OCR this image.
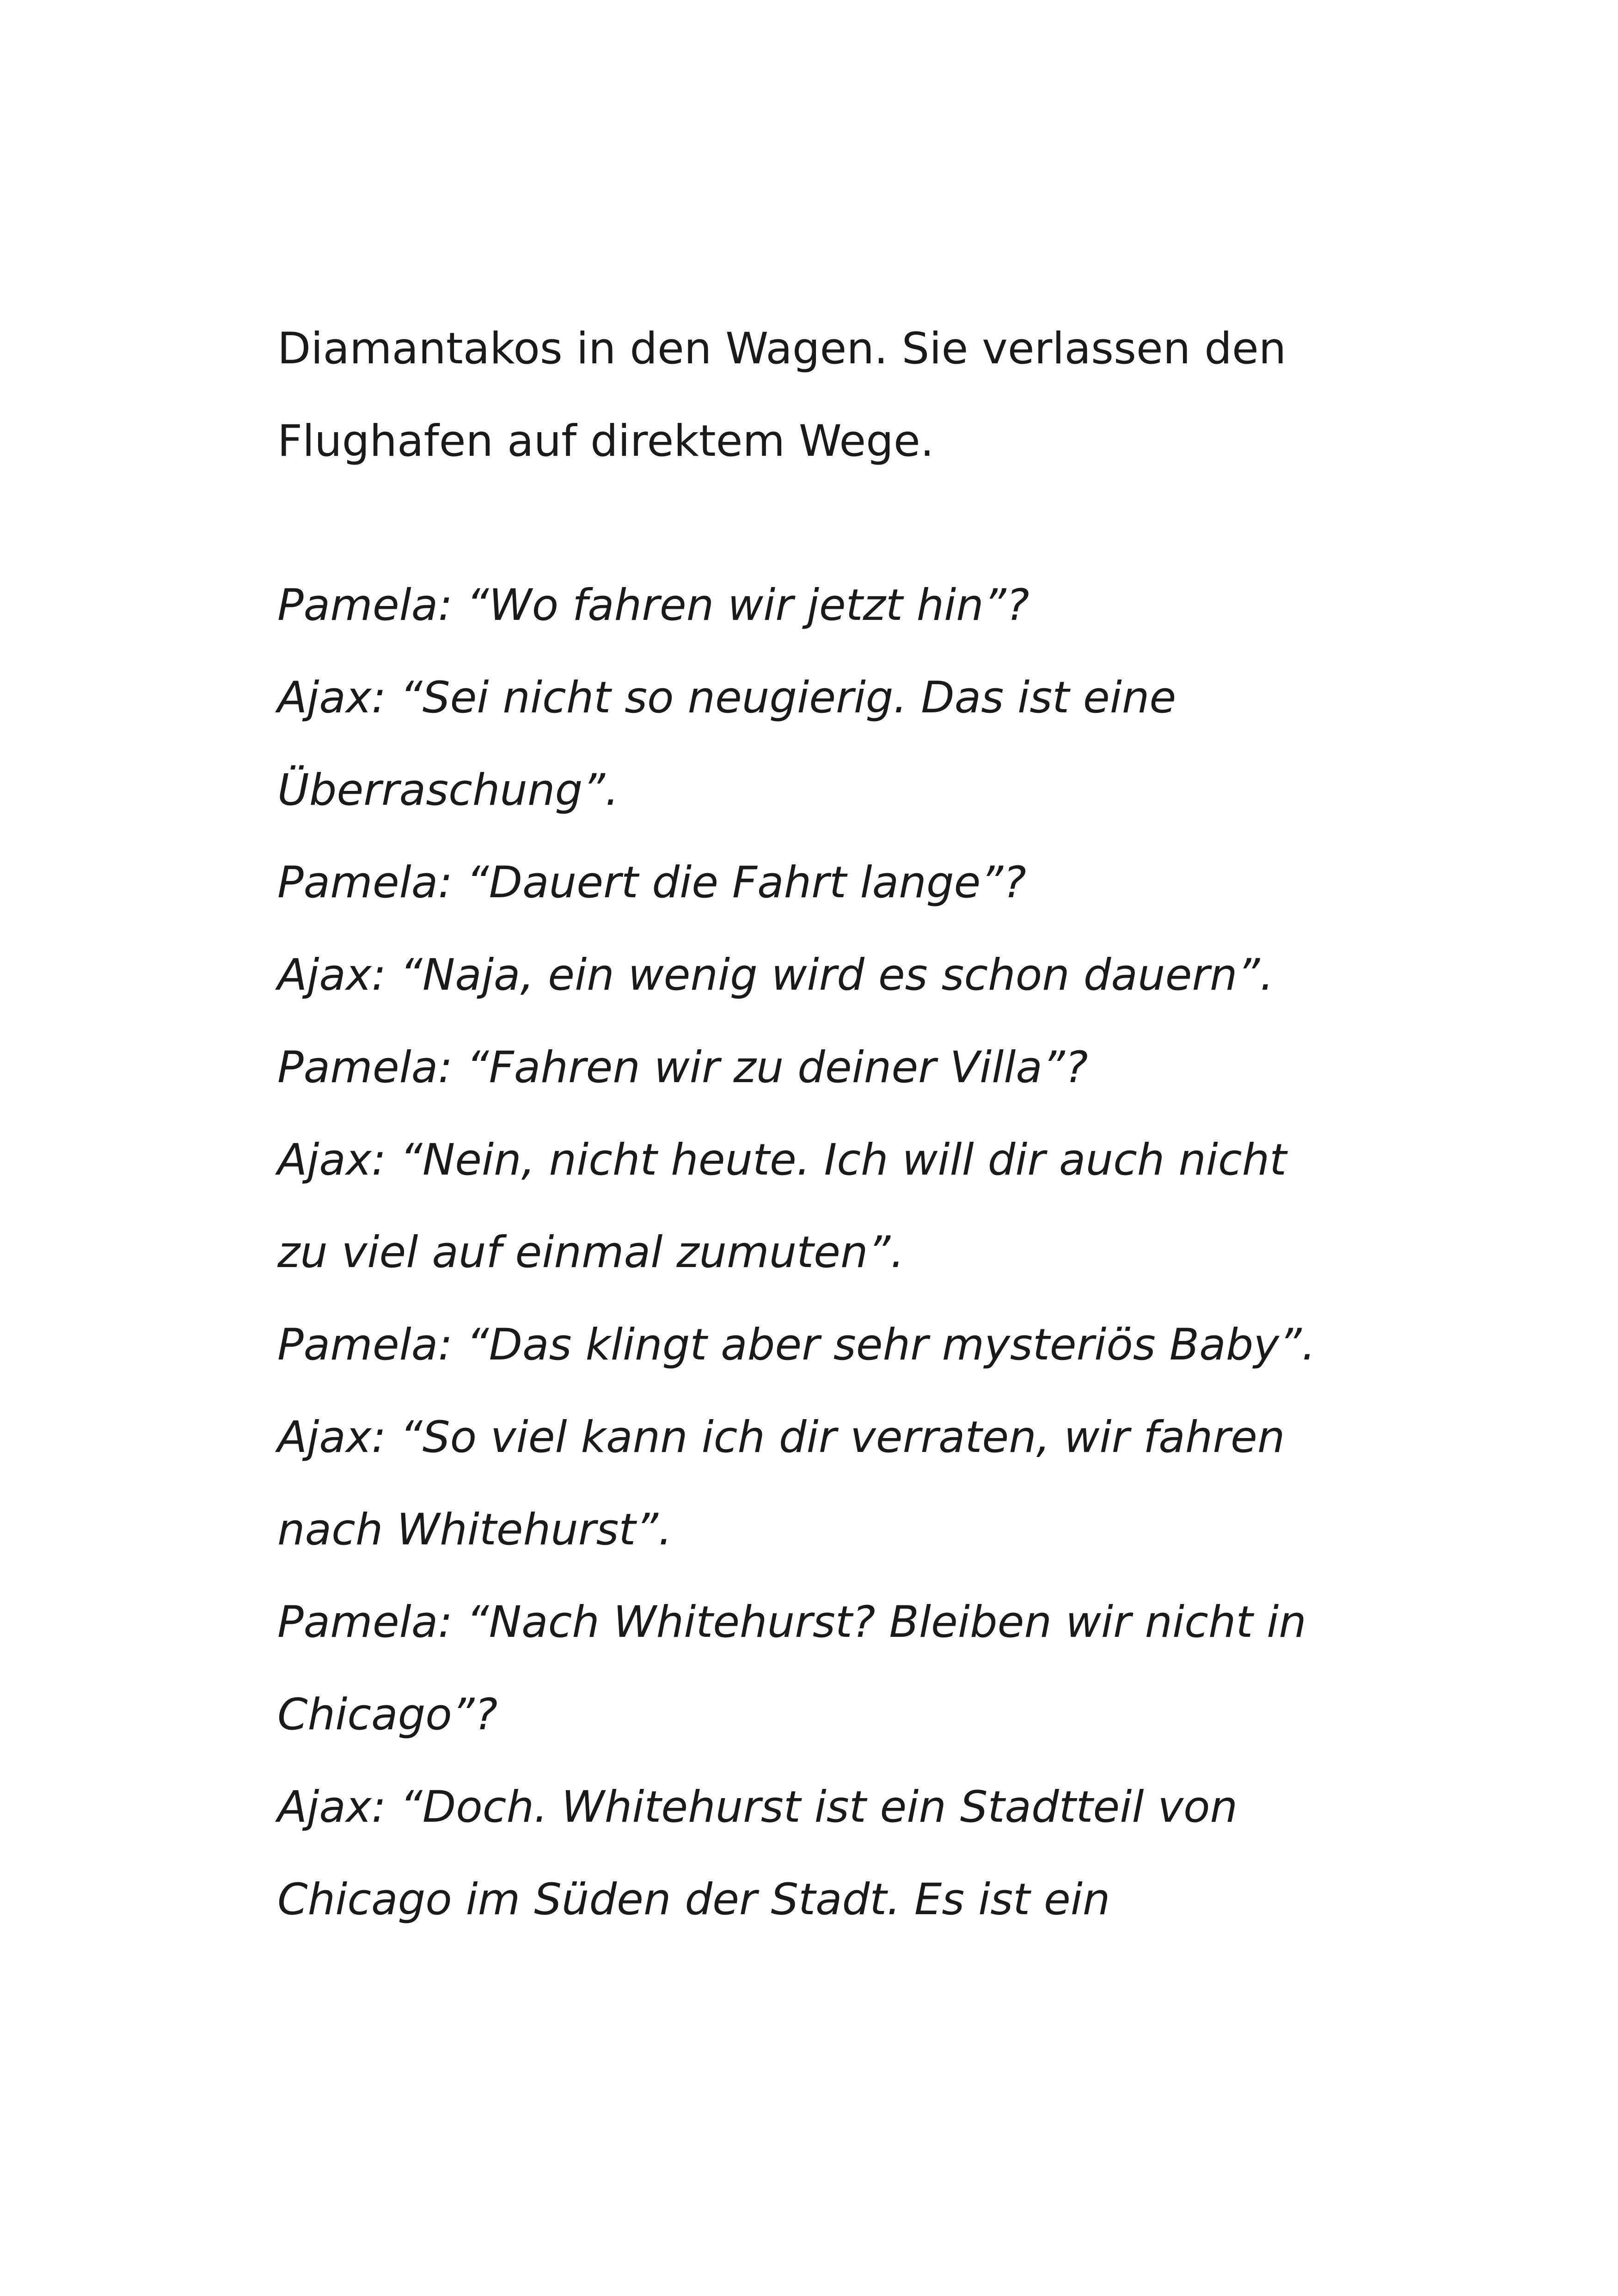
Diamantakos in den Wagen. Sie verlassen den
Flughafen auf direktem Wege.
Pamela: “Wo fahren wir jetzt hin”?
Ajax: “Sei nicht so neugierig. Das ist eine
Überraschung”.
Pamela: “Dauert die Fahrt lange”?
Ajax: “Naja, ein wenig wird es schon dauern”.
Pamela: “Fahren wir zu deiner Villa”?
Ajax: “Nein, nicht heute. Ich will dir auch nicht
zu viel auf einmal zumuten”.
Pamela: “Das klingt aber sehr mysteriös Baby”.
Ajax: “So viel kann ich dir verraten, wir fahren
nach Whitehurst”.
Pamela: “Nach Whitehurst? Bleiben wir nicht in
Chicago”?
Ajax: “Doch. Whitehurst ist ein Stadtteil von
Chicago im Süden der Stadt. Es ist ein
